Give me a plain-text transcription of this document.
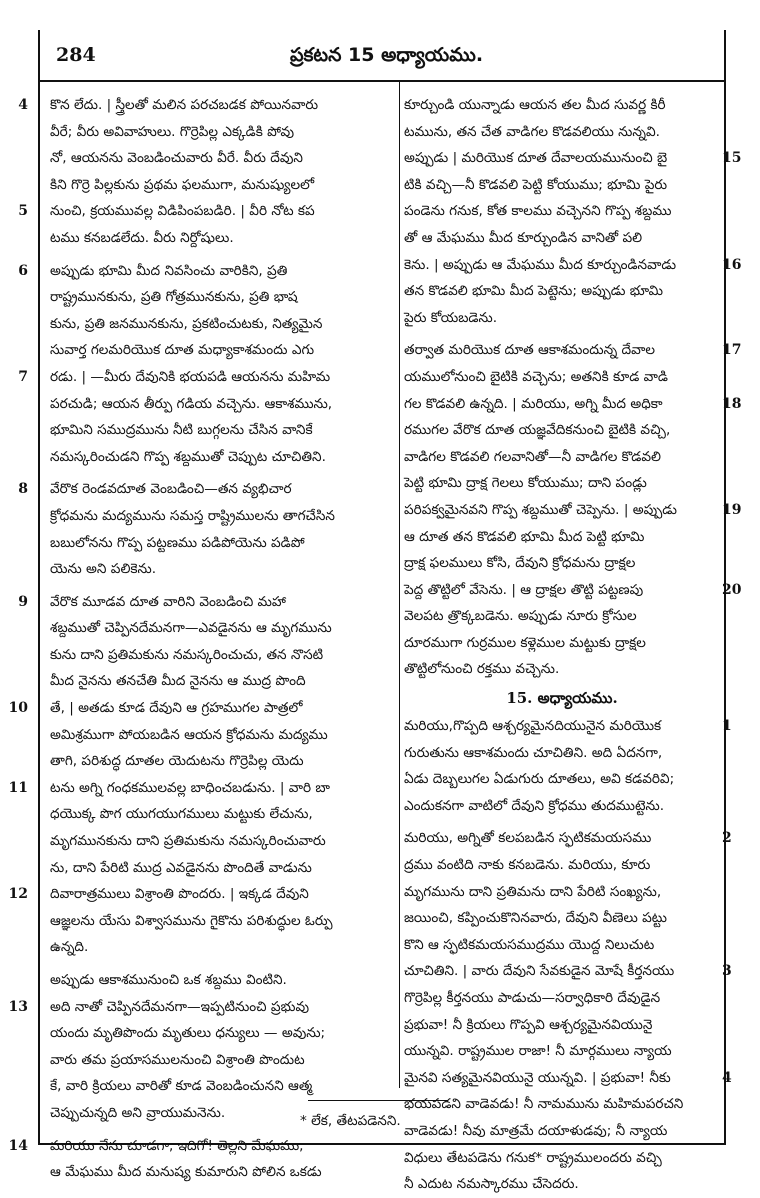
284	ప్రకటన 15 అధ్యాయము.
4 కొన లేదు. | స్త్రీలతో మలిన పరచబడక పోయినవారు
వీరే; వీరు అవివాహులు. గొర్రెపిల్ల ఎక్కడికి పోవు
నో, ఆయనను వెంబడించువారు వీరే. వీరు దేవుని
కిని గొర్రె పిల్లకును ప్రథమ ఫలముగా, మనుష్యులలో
5 నుంచి, క్రయమువల్ల విడిపింపబడిరి. | వీరి నోట కప
టము కనబడలేదు. వీరు నిర్దోషులు.
6 అప్పుడు భూమి మీద నివసించు వారికిని, ప్రతి
రాష్ట్రమునకును, ప్రతి గోత్రమునకును, ప్రతి భాష
కును, ప్రతి జనమునకును, ప్రకటించుటకు, నిత్యమైన
సువార్త గలమరియొక దూత మధ్యాకాశమందు ఎగు
7 రడు. | —మీరు దేవునికి భయపడి ఆయనను మహిమ
పరచుడి; ఆయన తీర్పు గడియ వచ్చెను. ఆకాశమును,
భూమిని సముద్రమును నీటి బుగ్గలను చేసిన వానికే
నమస్కరించుడని గొప్ప శబ్దముతో చెప్పుట చూచితిని.
8 వేరొక రెండవదూత వెంబడించి—తన వ్యభిచార
క్రోధమను మద్యమును సమస్త రాష్ట్రిములను తాగచేసిన
బబులోనను గొప్ప పట్టణము పడిపోయెను పడిపో
యెను అని పలికెను.
9 వేరొక మూడవ దూత వారిని వెంబడించి మహా
శబ్దముతో చెప్పినదేమనగా—ఎవడైనను ఆ మృగమును
కును దాని ప్రతిమకును నమస్కరించుచు, తన నొసటి
మీద నైనను తనచేతి మీద నైనను ఆ ముద్ర పొంది
10 తే, | అతడు కూడ దేవుని ఆ గ్రహముగల పాత్రలో
అమిశ్రముగా పోయబడిన ఆయన క్రోధమను మద్యము
తాగి, పరిశుద్ధ దూతల యెదుటను గొర్రెపిల్ల యెదు
11 టను అగ్ని గంధకములవల్ల బాధించబడును. | వారి బా
ధయొక్క పొగ యుగయుగములు మట్టుకు లేచును,
మృగమునకును దాని ప్రతిమకును నమస్కరించువారు
ను, దాని పేరిటి ముద్ర ఎవడైనను పొందితే వాడును
12 దివారాత్రములు విశ్రాంతి పొందరు. | ఇక్కడ దేవుని
ఆజ్ఞలను యేసు విశ్వాసమును గైకొను పరిశుద్ధుల ఓర్పు
ఉన్నది.
అప్పుడు ఆకాశమునుంచి ఒక శబ్దము వింటిని.
13 అది నాతో చెప్పినదేమనగా—ఇప్పటినుంచి ప్రభువు
యందు మృతిపొందు మృతులు ధన్యులు — అవును;
వారు తమ ప్రయాసములనుంచి విశ్రాంతి పొందుట
కే, వారి క్రియలు వారితో కూడ వెంబడించునని ఆత్మ
చెప్పుచున్నది అని వ్రాయుమనెను.
14 మరియు నేను చూడగా, ఇదిగో! తెల్లని మేఘము;
ఆ మేఘము మీద మనుష్య కుమారుని పోలిన ఒకడు
కూర్చుండి యున్నాడు ఆయన తల మీద సువర్ణ కిరీ
టమును, తన చేత వాడిగల కొడవలియు నున్నవి.
15
అప్పుడు | మరియొక దూత దేవాలయమునుంచి బై
టికి వచ్చి—నీ కొడవలి పెట్టి కోయుము; భూమి పైరు
పండెను గనుక, కోత కాలము వచ్చెనని గొప్ప శబ్దము
తో ఆ మేఘము మీద కూర్చుండిన వానితో పలి
16
కెను. | అప్పుడు ఆ మేఘము మీద కూర్చుండినవాడు
తన కొడవలి భూమి మీద పెట్టెను; అప్పుడు భూమి
పైరు కోయబడెను.
17
తర్వాత మరియొక దూత ఆకాశమందున్న దేవాల
యములోనుంచి బైటికి వచ్చెను; అతనికి కూడ వాడి
18
గల కొడవలి ఉన్నది. | మరియు, అగ్ని మీద అధికా
రముగల వేరొక దూత యజ్ఞవేదికనుంచి బైటికి వచ్చి,
వాడిగల కొడవలి గలవానితో—నీ వాడిగల కొడవలి
పెట్టి భూమి ద్రాక్ష గెలలు కోయుము; దాని పండ్లు
19
పరిపక్వమైనవని గొప్ప శబ్దముతో చెప్పెను. | అప్పుడు
ఆ దూత తన కొడవలి భూమి మీద పెట్టి భూమి
ద్రాక్ష ఫలములు కోసి, దేవుని క్రోధమను ద్రాక్షల
20
పెద్ద తొట్టిలో వేసెను. | ఆ ద్రాక్షల తొట్టి పట్టణపు
వెలపట త్రొక్కబడెను. అప్పుడు నూరు క్రోసుల
దూరముగా గుర్రముల కళ్లెముల మట్టుకు ద్రాక్షల
తొట్టిలోనుంచి రక్తము వచ్చెను.
15. అధ్యాయము.
1
మరియు,గొప్పది ఆశ్చర్యమైనదియునైన మరియొక
గురుతును ఆకాశమందు చూచితిని. అది ఏదనగా,
ఏడు దెబ్బలుగల ఏడుగురు దూతలు, అవి కడవరివి;
ఎందుకనగా వాటిలో దేవుని క్రోధము తుదముట్టెను.
2
మరియు, అగ్నితో కలపబడిన స్ఫటికమయసము
ద్రము వంటిది నాకు కనబడెను. మరియు, కూరు
మృగమును దాని ప్రతిమను దాని పేరిటి సంఖ్యను,
జయించి, కప్పించుకొనినవారు, దేవుని వీణెలు పట్టు
కొని ఆ స్ఫటికమయసముద్రము యొద్ద నిలుచుట
3
చూచితిని. | వారు దేవుని సేవకుడైన మోషే కీర్తనయు
గొర్రెపిల్ల కీర్తనయు పాడుచు—సర్వాధికారి దేవుడైన
ప్రభువా! నీ క్రియలు గొప్పవి ఆశ్చర్యమైనవియునై
యున్నవి. రాష్ట్రముల రాజా! నీ మార్గములు న్యాయ
4
మైనవి సత్యమైనవియునై యున్నవి. | ప్రభువా! నీకు
భయపడని వాడెవడు! నీ నామమును మహిమపరచని
వాడెవడు! నీవు మాత్రమే దయాళుడవు; నీ న్యాయ
విధులు తేటపడెను గనుక* రాష్ట్రములందరు వచ్చి
నీ ఎదుట నమస్కారము చేసెదరు.
* లేక, తేటపడెనని.
